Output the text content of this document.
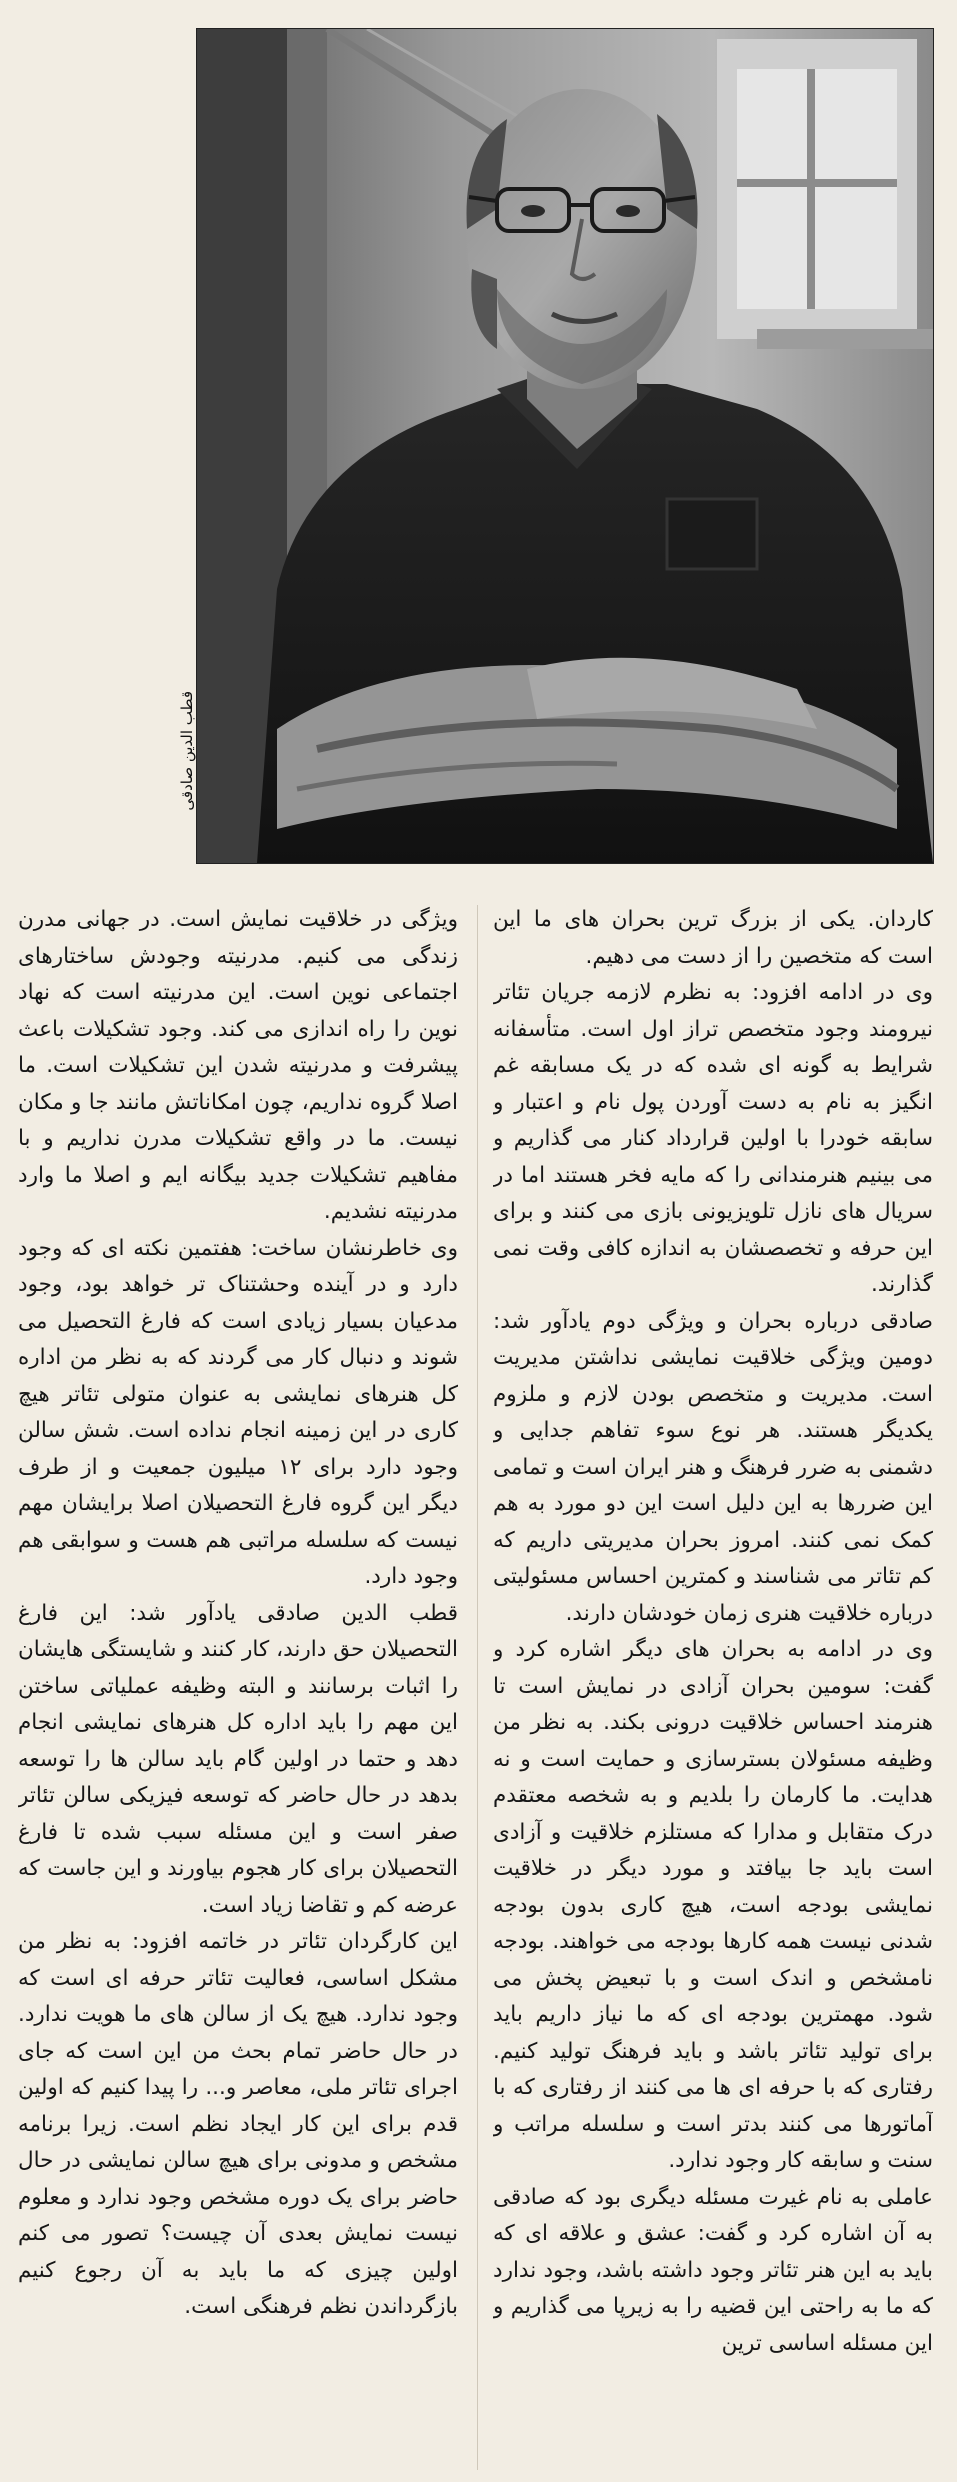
قطب الدین صادقی

کاردان. یکی از بزرگ ترین بحران های ما این است که متخصین را از دست می دهیم.

وی در ادامه افزود: به نظرم لازمه جریان تئاتر نیرومند وجود متخصص تراز اول است. متأسفانه شرایط به گونه ای شده که در یک مسابقه غم انگیز به نام به دست آوردن پول نام و اعتبار و سابقه خودرا با اولین قرارداد کنار می گذاریم و می بینیم هنرمندانی را که مایه فخر هستند اما در سریال های نازل تلویزیونی بازی می کنند و برای این حرفه و تخصصشان به اندازه کافی وقت نمی گذارند.

صادقی درباره بحران و ویژگی دوم یادآور شد: دومین ویژگی خلاقیت نمایشی نداشتن مدیریت است. مدیریت و متخصص بودن لازم و ملزوم یکدیگر هستند. هر نوع سوء تفاهم جدایی و دشمنی به ضرر فرهنگ و هنر ایران است و تمامی این ضررها به این دلیل است این دو مورد به هم کمک نمی کنند. امروز بحران مدیریتی داریم که کم تئاتر می شناسند و کمترین احساس مسئولیتی درباره خلاقیت هنری زمان خودشان دارند.

وی در ادامه به بحران های دیگر اشاره کرد و گفت: سومین بحران آزادی در نمایش است تا هنرمند احساس خلاقیت درونی بکند. به نظر من وظیفه مسئولان بسترسازی و حمایت است و نه هدایت. ما کارمان را بلدیم و به شخصه معتقدم درک متقابل و مدارا که مستلزم خلاقیت و آزادی است باید جا بیافتد و مورد دیگر در خلاقیت نمایشی بودجه است، هیچ کاری بدون بودجه شدنی نیست همه کارها بودجه می خواهند. بودجه نامشخص و اندک است و با تبعیض پخش می شود. مهمترین بودجه ای که ما نیاز داریم باید برای تولید تئاتر باشد و باید فرهنگ تولید کنیم. رفتاری که با حرفه ای ها می کنند از رفتاری که با آماتورها می کنند بدتر است و سلسله مراتب و سنت و سابقه کار وجود ندارد.

عاملی به نام غیرت مسئله دیگری بود که صادقی به آن اشاره کرد و گفت: عشق و علاقه ای که باید به این هنر تئاتر وجود داشته باشد، وجود ندارد که ما به راحتی این قضیه را به زیرپا می گذاریم و این مسئله اساسی ترین

ویژگی در خلاقیت نمایش است. در جهانی مدرن زندگی می کنیم. مدرنیته وجودش ساختارهای اجتماعی نوین است. این مدرنیته است که نهاد نوین را راه اندازی می کند. وجود تشکیلات باعث پیشرفت و مدرنیته شدن این تشکیلات است. ما اصلا گروه نداریم، چون امکاناتش مانند جا و مکان نیست. ما در واقع تشکیلات مدرن نداریم و با مفاهیم تشکیلات جدید بیگانه ایم و اصلا ما وارد مدرنیته نشدیم.

وی خاطرنشان ساخت: هفتمین نکته ای که وجود دارد و در آینده وحشتناک تر خواهد بود، وجود مدعیان بسیار زیادی است که فارغ التحصیل می شوند و دنبال کار می گردند که به نظر من اداره کل هنرهای نمایشی به عنوان متولی تئاتر هیچ کاری در این زمینه انجام نداده است. شش سالن وجود دارد برای ۱۲ میلیون جمعیت و از طرف دیگر این گروه فارغ التحصیلان اصلا برایشان مهم نیست که سلسله مراتبی هم هست و سوابقی هم وجود دارد.

قطب الدین صادقی یادآور شد: این فارغ التحصیلان حق دارند، کار کنند و شایستگی هایشان را اثبات برسانند و البته وظیفه عملیاتی ساختن این مهم را باید اداره کل هنرهای نمایشی انجام دهد و حتما در اولین گام باید سالن ها را توسعه بدهد در حال حاضر که توسعه فیزیکی سالن تئاتر صفر است و این مسئله سبب شده تا فارغ التحصیلان برای کار هجوم بیاورند و این جاست که عرضه کم و تقاضا زیاد است.

این کارگردان تئاتر در خاتمه افزود: به نظر من مشکل اساسی، فعالیت تئاتر حرفه ای است که وجود ندارد. هیچ یک از سالن های ما هویت ندارد. در حال حاضر تمام بحث من این است که جای اجرای تئاتر ملی، معاصر و... را پیدا کنیم که اولین قدم برای این کار ایجاد نظم است. زیرا برنامه مشخص و مدونی برای هیچ سالن نمایشی در حال حاضر برای یک دوره مشخص وجود ندارد و معلوم نیست نمایش بعدی آن چیست؟ تصور می کنم اولین چیزی که ما باید به آن رجوع کنیم بازگرداندن نظم فرهنگی است.
